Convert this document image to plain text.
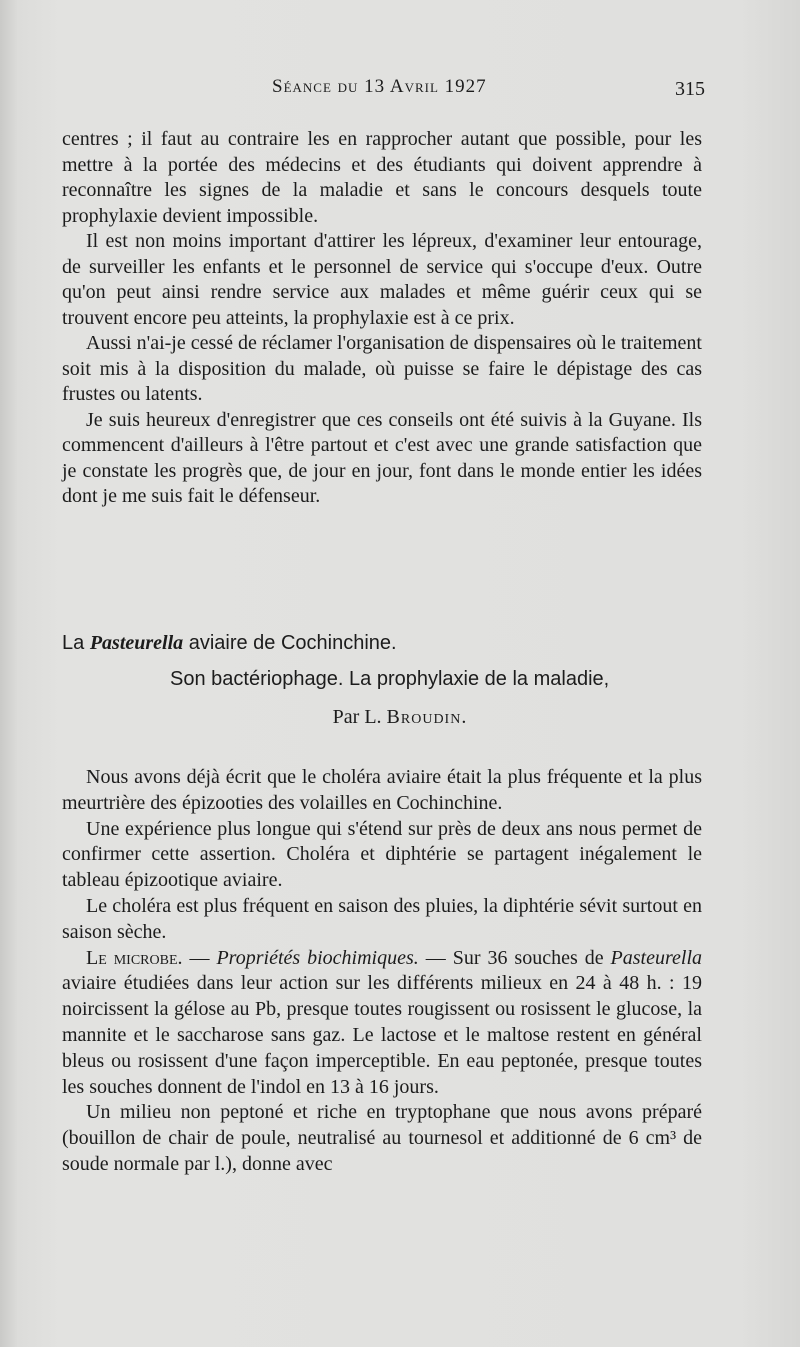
Séance du 13 Avril 1927	315

centres ; il faut au contraire les en rapprocher autant que possible, pour les mettre à la portée des médecins et des étudiants qui doivent apprendre à reconnaître les signes de la maladie et sans le concours desquels toute prophylaxie devient impossible.

Il est non moins important d'attirer les lépreux, d'examiner leur entourage, de surveiller les enfants et le personnel de service qui s'occupe d'eux. Outre qu'on peut ainsi rendre service aux malades et même guérir ceux qui se trouvent encore peu atteints, la prophylaxie est à ce prix.

Aussi n'ai-je cessé de réclamer l'organisation de dispensaires où le traitement soit mis à la disposition du malade, où puisse se faire le dépistage des cas frustes ou latents.

Je suis heureux d'enregistrer que ces conseils ont été suivis à la Guyane. Ils commencent d'ailleurs à l'être partout et c'est avec une grande satisfaction que je constate les progrès que, de jour en jour, font dans le monde entier les idées dont je me suis fait le défenseur.

La Pasteurella aviaire de Cochinchine.
Son bactériophage. La prophylaxie de la maladie,
Par L. Broudin.

Nous avons déjà écrit que le choléra aviaire était la plus fréquente et la plus meurtrière des épizooties des volailles en Cochinchine.

Une expérience plus longue qui s'étend sur près de deux ans nous permet de confirmer cette assertion. Choléra et diphtérie se partagent inégalement le tableau épizootique aviaire.

Le choléra est plus fréquent en saison des pluies, la diphtérie sévit surtout en saison sèche.

Le microbe. — Propriétés biochimiques. — Sur 36 souches de Pasteurella aviaire étudiées dans leur action sur les différents milieux en 24 à 48 h. : 19 noircissent la gélose au Pb, presque toutes rougissent ou rosissent le glucose, la mannite et le saccharose sans gaz. Le lactose et le maltose restent en général bleus ou rosissent d'une façon imperceptible. En eau peptonée, presque toutes les souches donnent de l'indol en 13 à 16 jours.

Un milieu non peptoné et riche en tryptophane que nous avons préparé (bouillon de chair de poule, neutralisé au tournesol et additionné de 6 cm³ de soude normale par l.), donne avec
